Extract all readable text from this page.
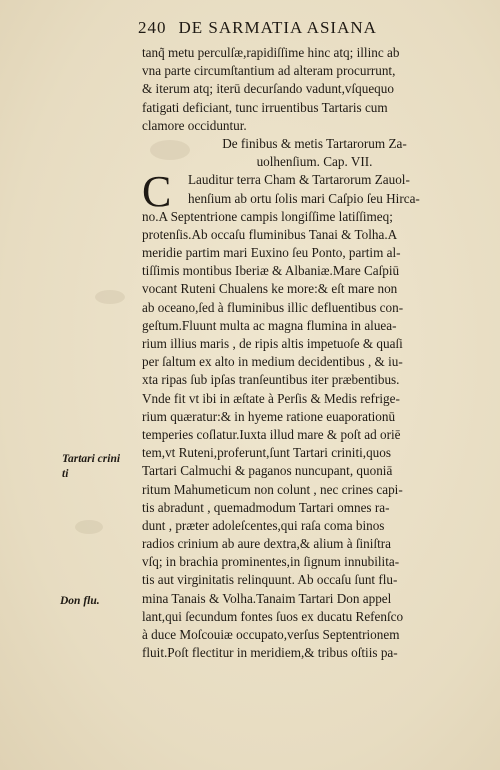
240 DE SARMATIA ASIANA
tanq̃ metu perculſæ,rapidiſſime hinc atq; illinc ab
vna parte circumſtantium ad alteram procurrunt,
& iterum atq; iterū decurſando vadunt,vſquequo
fatigati deficiant, tunc irruentibus Tartaris cum
clamore occiduntur.
De finibus & metis Tartarorum Za-
uolhenſium. Cap. VII.
Lauditur terra Cham & Tartarorum Zauol-
henſium ab ortu ſolis mari Caſpio ſeu Hirca-
no.A Septentrione campis longiſſime latiſſimeq;
protenſis.Ab occaſu fluminibus Tanai & Tolha.A
meridie partim mari Euxino ſeu Ponto, partim al-
tiſſimis montibus Iberiæ & Albaniæ.Mare Caſpiū
vocant Ruteni Chualens ke more:& eſt mare non
ab oceano,ſed à fluminibus illic defluentibus con-
geſtum.Fluunt multa ac magna flumina in aluea-
rium illius maris , de ripis altis impetuoſe & quaſi
per ſaltum ex alto in medium decidentibus , & iu-
xta ripas ſub ipſas tranſeuntibus iter præbentibus.
Vnde fit vt ibi in æſtate à Perſis & Medis refrige-
rium quæratur:& in hyeme ratione euaporationū
temperies coſlatur.Iuxta illud mare & poſt ad oriē
tem,vt Ruteni,proferunt,ſunt Tartari criniti,quos
Tartari Calmuchi & paganos nuncupant, quoniā
ritum Mahumeticum non colunt , nec crines capi-
tis abradunt , quemadmodum Tartari omnes ra-
dunt , præter adoleſcentes,qui raſa coma binos
radios crinium ab aure dextra,& alium à ſiniſtra
vſq; in brachia prominentes,in ſignum innubilita-
tis aut virginitatis relinquunt. Ab occaſu ſunt flu-
mina Tanais & Volha.Tanaim Tartari Don appel
lant,qui ſecundum fontes ſuos ex ducatu Refenſco
à duce Moſcouiæ occupato,verſus Septentrionem
fluit.Poſt flectitur in meridiem,& tribus oſtiis pa-
C
Tartari crini
ti
Don flu.
